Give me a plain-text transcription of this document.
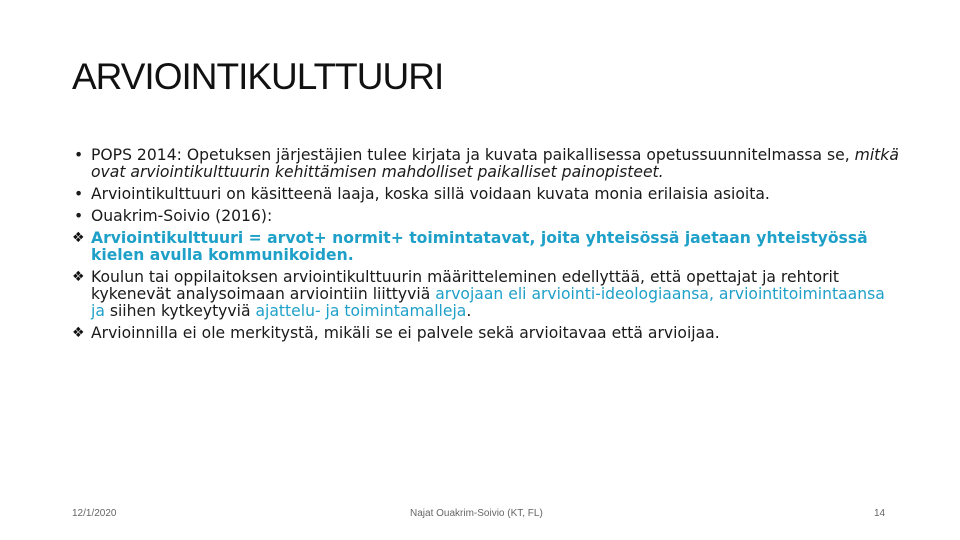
ARVIOINTIKULTTUURI
• POPS 2014: Opetuksen järjestäjien tulee kirjata ja kuvata paikallisessa opetussuunnitelmassa se, mitkä ovat arviointikulttuurin kehittämisen mahdolliset paikalliset painopisteet.
• Arviointikulttuuri on käsitteenä laaja, koska sillä voidaan kuvata monia erilaisia asioita.
• Ouakrim-Soivio (2016):
❖ Arviointikulttuuri = arvot+ normit+ toimintatavat, joita yhteisössä jaetaan yhteistyössä kielen avulla kommunikoiden.
❖ Koulun tai oppilaitoksen arviointikulttuurin määritteleminen edellyttää, että opettajat ja rehtorit kykenevät analysoimaan arviointiin liittyviä arvojaan eli arviointi-ideologiaansa, arviointitoimintaansa ja siihen kytkeytyviä ajattelu- ja toimintamalleja.
❖ Arvioinnilla ei ole merkitystä, mikäli se ei palvele sekä arvioitavaa että arvioijaa.
12/1/2020	Najat Ouakrim-Soivio (KT, FL)	14
